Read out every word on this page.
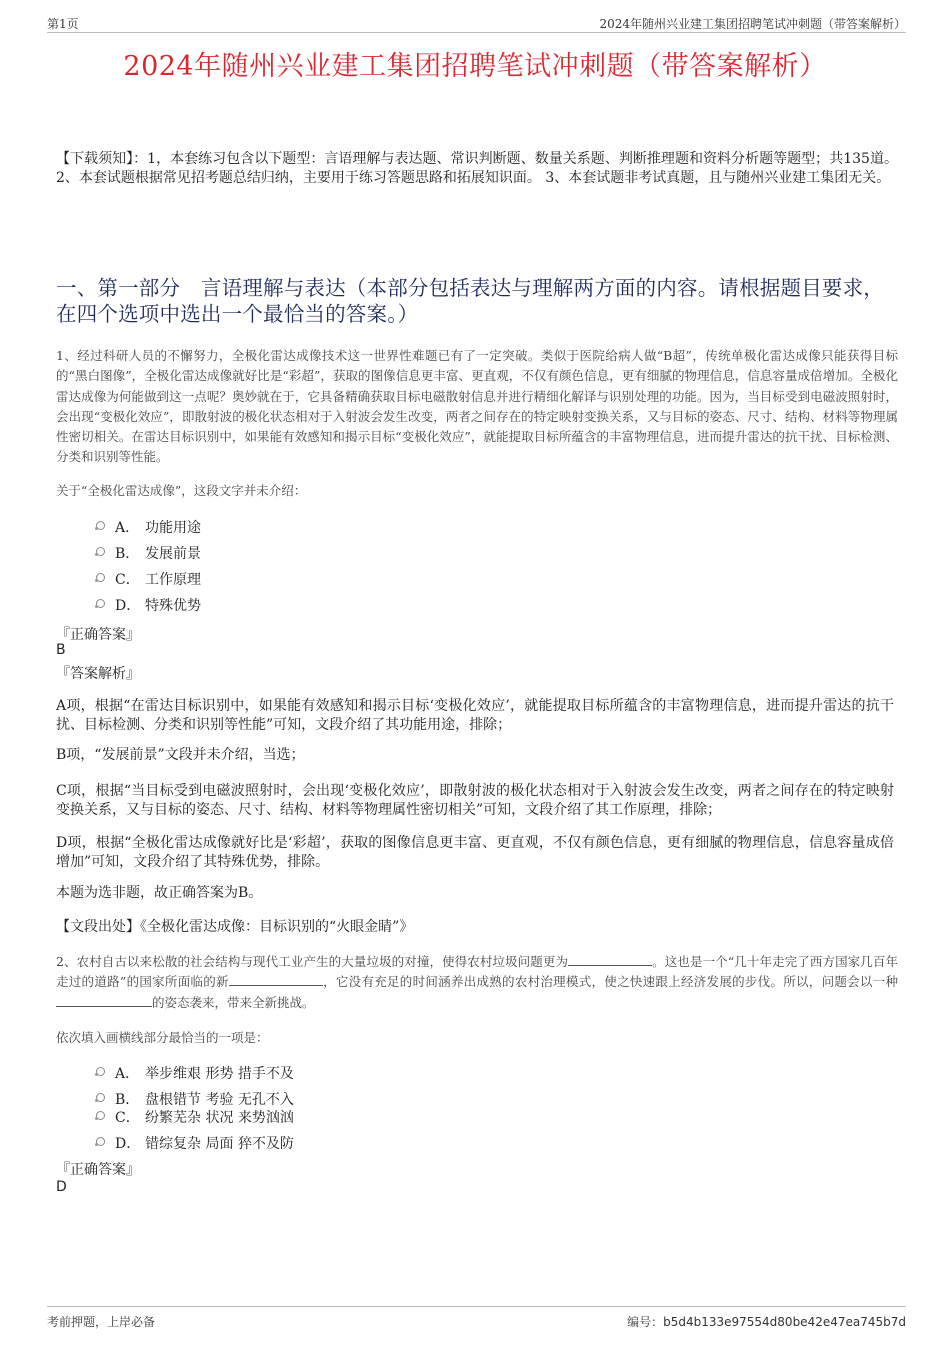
第1页	2024年随州兴业建工集团招聘笔试冲刺题（带答案解析）
2024年随州兴业建工集团招聘笔试冲刺题（带答案解析）
【下载须知】：1，本套练习包含以下题型：言语理解与表达题、常识判断题、数量关系题、判断推理题和资料分析题等题型；共135道。 2、本套试题根据常见招考题总结归纳，主要用于练习答题思路和拓展知识面。 3、本套试题非考试真题，且与随州兴业建工集团无关。
一、第一部分　言语理解与表达（本部分包括表达与理解两方面的内容。请根据题目要求，在四个选项中选出一个最恰当的答案。）
1、经过科研人员的不懈努力，全极化雷达成像技术这一世界性难题已有了一定突破。类似于医院给病人做“B超”，传统单极化雷达成像只能获得目标的“黑白图像”，全极化雷达成像就好比是“彩超”，获取的图像信息更丰富、更直观，不仅有颜色信息，更有细腻的物理信息，信息容量成倍增加。全极化雷达成像为何能做到这一点呢？奥妙就在于，它具备精确获取目标电磁散射信息并进行精细化解译与识别处理的功能。因为，当目标受到电磁波照射时，会出现“变极化效应”，即散射波的极化状态相对于入射波会发生改变，两者之间存在的特定映射变换关系，又与目标的姿态、尺寸、结构、材料等物理属性密切相关。在雷达目标识别中，如果能有效感知和揭示目标“变极化效应”，就能提取目标所蕴含的丰富物理信息，进而提升雷达的抗干扰、目标检测、分类和识别等性能。
关于“全极化雷达成像”，这段文字并未介绍：
A． 功能用途
B． 发展前景
C． 工作原理
D． 特殊优势
『正确答案』
B
『答案解析』
A项，根据“在雷达目标识别中，如果能有效感知和揭示目标‘变极化效应’，就能提取目标所蕴含的丰富物理信息，进而提升雷达的抗干扰、目标检测、分类和识别等性能”可知，文段介绍了其功能用途，排除；
B项，“发展前景”文段并未介绍，当选；
C项，根据“当目标受到电磁波照射时，会出现‘变极化效应’，即散射波的极化状态相对于入射波会发生改变，两者之间存在的特定映射变换关系，又与目标的姿态、尺寸、结构、材料等物理属性密切相关”可知，文段介绍了其工作原理，排除；
D项，根据“全极化雷达成像就好比是‘彩超’，获取的图像信息更丰富、更直观，不仅有颜色信息，更有细腻的物理信息，信息容量成倍增加”可知，文段介绍了其特殊优势，排除。
本题为选非题，故正确答案为B。
【文段出处】《全极化雷达成像：目标识别的“火眼金睛”》
2、农村自古以来松散的社会结构与现代工业产生的大量垃圾的对撞，使得农村垃圾问题更为	。这也是一个“几十年走完了西方国家几百年走过的道路”的国家所面临的新	，它没有充足的时间涵养出成熟的农村治理模式，使之快速跟上经济发展的步伐。所以，问题会以一种的姿态袭来，带来全新挑战。
依次填入画横线部分最恰当的一项是：
A． 举步维艰 形势 措手不及
B． 盘根错节 考验 无孔不入
C． 纷繁芜杂 状况 来势汹汹
D． 错综复杂 局面 猝不及防
『正确答案』
D
考前押题，上岸必备	编号：b5d4b133e97554d80be42e47ea745b7d
